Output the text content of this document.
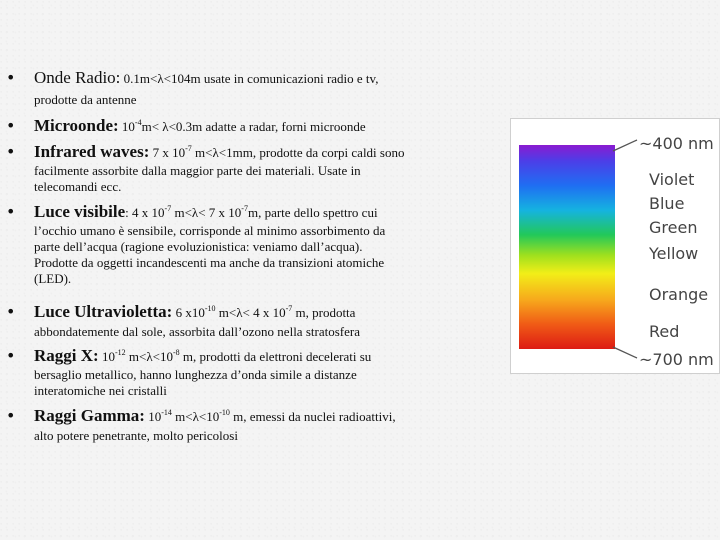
• Onde Radio: 0.1m<λ<104m usate in comunicazioni radio e tv,
prodotte da antenne
• Microonde: $10^{-4}m< \lambda<0.3m$ adatte a radar, forni microonde
• Infrared waves: 7 x $10^{-7}$ m<λ<1mm, prodotte da corpi caldi sono
facilmente assorbite dalla maggior parte dei materiali. Usate in
telecomandi ecc.
• Luce visibile: 4 x $10^{-7}$ m<λ< 7 x $10^{-7}m$, parte dello spettro cui
l’occhio umano è sensibile, corrisponde al minimo assorbimento da
parte dell’acqua (ragione evoluzionistica: veniamo dall’acqua).
Prodotte da oggetti incandescenti ma anche da transizioni atomiche
(LED).
• Luce Ultravioletta: 6 $x10^{-10}$ m<λ< 4 x $10^{-7}$ m, prodotta
abbondatemente dal sole, assorbita dall’ozono nella stratosfera
• Raggi X: $10^{-12}$ $m<\lambda<10^{-8}$ m, prodotti da elettroni decelerati su
bersaglio metallico, hanno lunghezza d’onda simile a distanze
interatomiche nei cristalli
• Raggi Gamma: $10^{-14}$ $m<\lambda<10^{-10}$ m, emessi da nuclei radioattivi,
alto potere penetrante, molto pericolosi
~400 nm
Violet
Blue
Green
Yellow
Orange
Red
~700 nm
